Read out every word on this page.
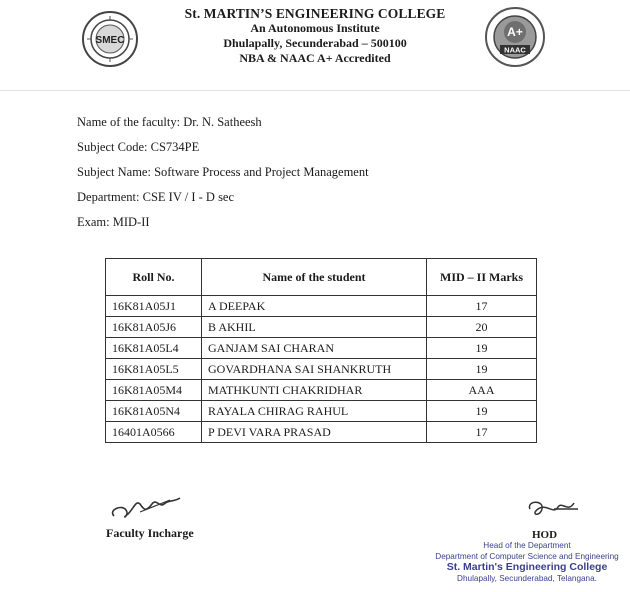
SMEC
St. MARTIN’S ENGINEERING COLLEGE
An Autonomous Institute
Dhulapally, Secunderabad – 500100
NBA & NAAC A+ Accredited
A+
NAAC
Name of the faculty: Dr. N. Satheesh
Subject Code: CS734PE
Subject Name: Software Process and Project Management
Department: CSE IV / I - D sec
Exam: MID-II
Roll No.	Name of the student	MID – II Marks
16K81A05J1	A DEEPAK	17
16K81A05J6	B AKHIL	20
16K81A05L4	GANJAM SAI CHARAN	19
16K81A05L5	GOVARDHANA SAI SHANKRUTH	19
16K81A05M4	MATHKUNTI CHAKRIDHAR	AAA
16K81A05N4	RAYALA CHIRAG RAHUL	19
16401A0566	P DEVI VARA PRASAD	17
Faculty Incharge	HOD
Head of the Department
Department of Computer Science and Engineering
St. Martin's Engineering College
Dhulapally, Secunderabad, Telangana.
